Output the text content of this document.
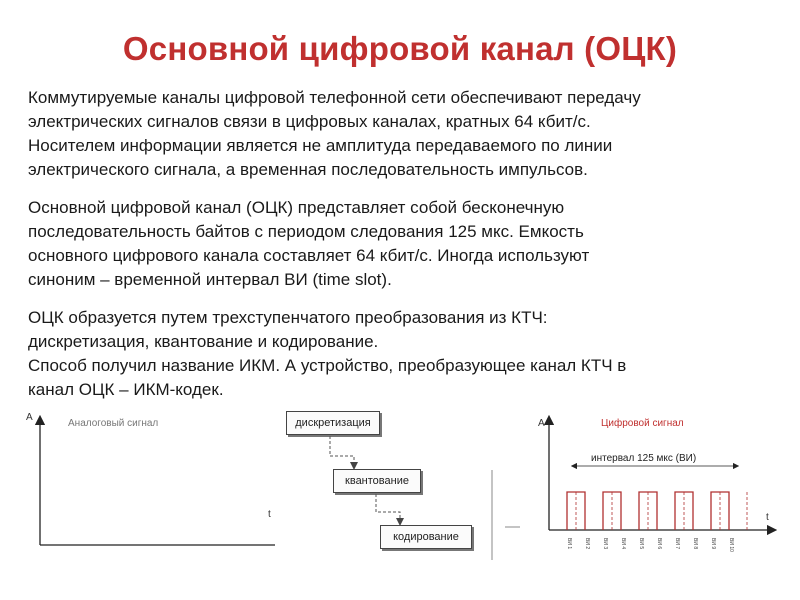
Основной цифровой канал (ОЦК)

Коммутируемые каналы цифровой телефонной сети обеспечивают передачу

электрических сигналов связи в цифровых каналах, кратных 64 кбит/с.

Носителем информации является не амплитуда передаваемого по линии

электрического сигнала, а временная последовательность импульсов.

Основной цифровой канал (ОЦК) представляет собой бесконечную

последовательность байтов с периодом следования 125 мкс. Емкость

основного цифрового канала составляет 64 кбит/с. Иногда используют

синоним – временной интервал ВИ (time slot).

ОЦК образуется путем трехступенчатого преобразования из КТЧ:

дискретизация, квантование и кодирование.

Способ получил название ИКМ. А устройство, преобразующее канал КТЧ в

канал ОЦК – ИКМ-кодек.

A
t
Аналоговый сигнал	дискретизация
квантование
кодирование
A
t
Цифровой сигнал
интервал 125 мкс (ВИ)
ВИ 1 ВИ 2 ВИ 3 ВИ 4 ВИ 5 ВИ 6 ВИ 7 ВИ 8 ВИ 9 ВИ 10
